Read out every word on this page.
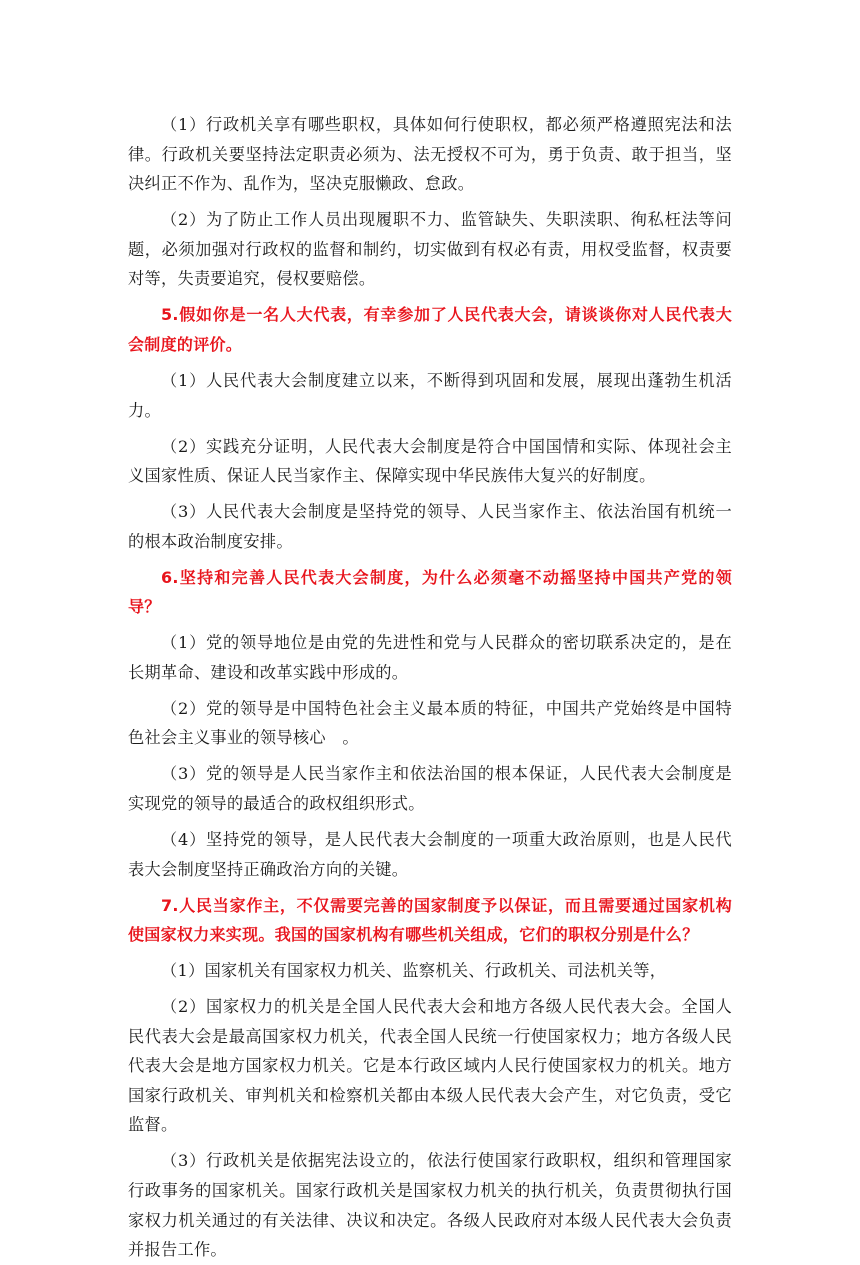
（1）行政机关享有哪些职权，具体如何行使职权，都必须严格遵照宪法和法律。行政机关要坚持法定职责必须为、法无授权不可为，勇于负责、敢于担当，坚决纠正不作为、乱作为，坚决克服懒政、怠政。

（2）为了防止工作人员出现履职不力、监管缺失、失职渎职、徇私枉法等问题，必须加强对行政权的监督和制约，切实做到有权必有责，用权受监督，权责要对等，失责要追究，侵权要赔偿。

5.假如你是一名人大代表，有幸参加了人民代表大会，请谈谈你对人民代表大会制度的评价。

（1）人民代表大会制度建立以来，不断得到巩固和发展，展现出蓬勃生机活力。

（2）实践充分证明，人民代表大会制度是符合中国国情和实际、体现社会主义国家性质、保证人民当家作主、保障实现中华民族伟大复兴的好制度。

（3）人民代表大会制度是坚持党的领导、人民当家作主、依法治国有机统一的根本政治制度安排。

6.坚持和完善人民代表大会制度，为什么必须毫不动摇坚持中国共产党的领导？

（1）党的领导地位是由党的先进性和党与人民群众的密切联系决定的，是在长期革命、建设和改革实践中形成的。

（2）党的领导是中国特色社会主义最本质的特征，中国共产党始终是中国特色社会主义事业的领导核心　。

（3）党的领导是人民当家作主和依法治国的根本保证，人民代表大会制度是实现党的领导的最适合的政权组织形式。

（4）坚持党的领导，是人民代表大会制度的一项重大政治原则，也是人民代表大会制度坚持正确政治方向的关键。

7.人民当家作主，不仅需要完善的国家制度予以保证，而且需要通过国家机构使国家权力来实现。我国的国家机构有哪些机关组成，它们的职权分别是什么？

（1）国家机关有国家权力机关、监察机关、行政机关、司法机关等，

（2）国家权力的机关是全国人民代表大会和地方各级人民代表大会。全国人民代表大会是最高国家权力机关，代表全国人民统一行使国家权力；地方各级人民代表大会是地方国家权力机关。它是本行政区域内人民行使国家权力的机关。地方国家行政机关、审判机关和检察机关都由本级人民代表大会产生，对它负责，受它监督。

（3）行政机关是依据宪法设立的，依法行使国家行政职权，组织和管理国家行政事务的国家机关。国家行政机关是国家权力机关的执行机关，负责贯彻执行国家权力机关通过的有关法律、决议和决定。各级人民政府对本级人民代表大会负责并报告工作。
